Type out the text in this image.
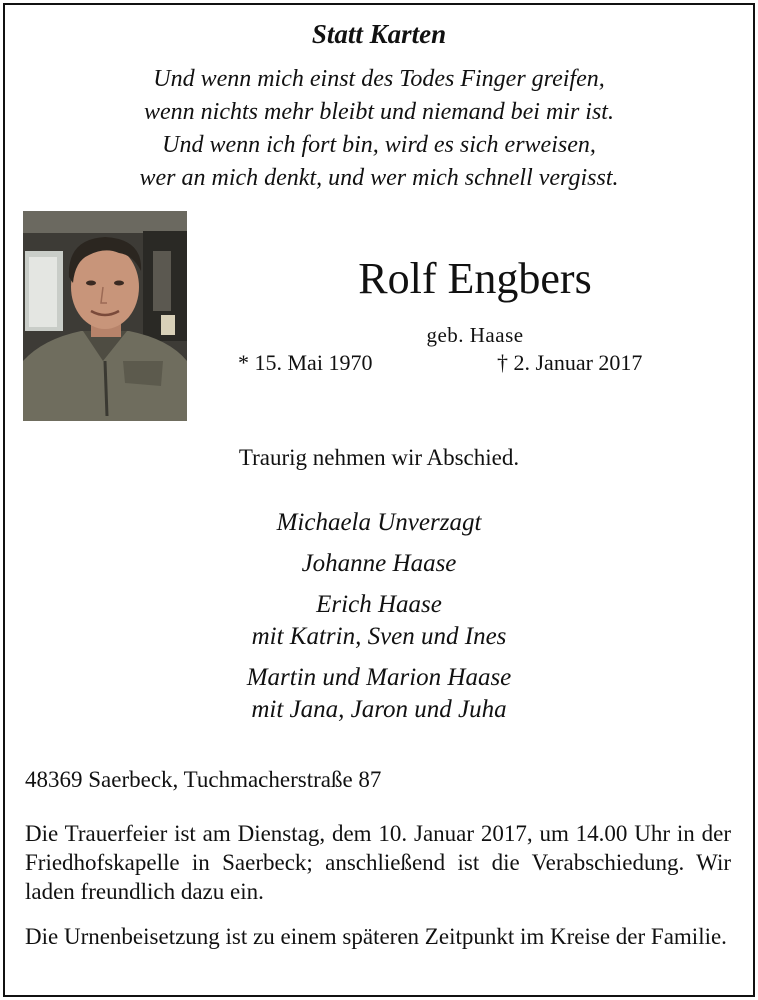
Statt Karten
Und wenn mich einst des Todes Finger greifen,
wenn nichts mehr bleibt und niemand bei mir ist.
Und wenn ich fort bin, wird es sich erweisen,
wer an mich denkt, und wer mich schnell vergisst.
Rolf Engbers
geb. Haase
* 15. Mai 1970	† 2. Januar 2017
Traurig nehmen wir Abschied.
Michaela Unverzagt
Johanne Haase
Erich Haase
mit Katrin, Sven und Ines
Martin und Marion Haase
mit Jana, Jaron und Juha
48369 Saerbeck, Tuchmacherstraße 87
Die Trauerfeier ist am Dienstag, dem 10. Januar 2017, um 14.00 Uhr in der Friedhofskapelle in Saerbeck; anschließend ist die Verabschiedung. Wir laden freundlich dazu ein.
Die Urnenbeisetzung ist zu einem späteren Zeitpunkt im Kreise der Familie.
